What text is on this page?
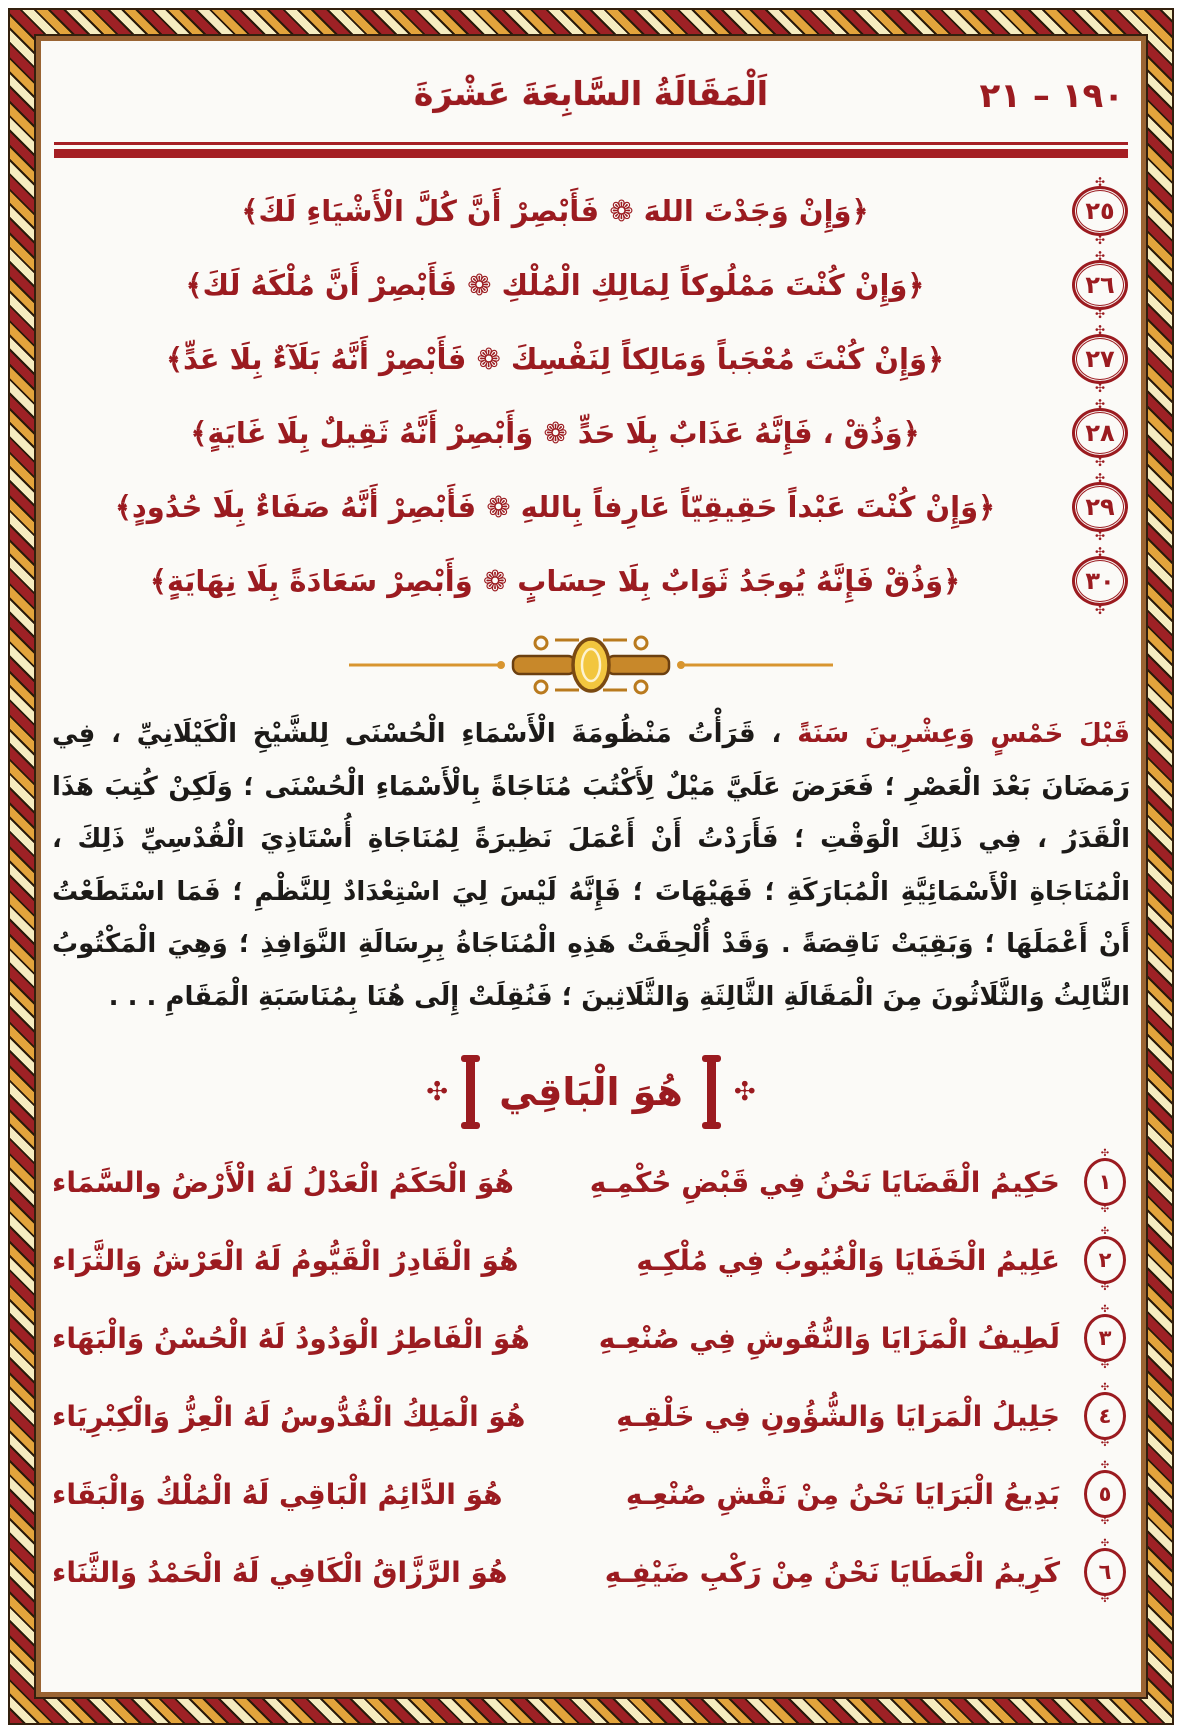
١٩٠ – ٢١
اَلْمَقَالَةُ السَّابِعَةَ عَشْرَةَ
✣ ٢٥ ✣
﴿وَإِنْ وَجَدْتَ اللهَ ❁ فَأَبْصِرْ أَنَّ كُلَّ الْأَشْيَاءِ لَكَ﴾
✣ ٢٦ ✣
﴿وَإِنْ كُنْتَ مَمْلُوكاً لِمَالِكِ الْمُلْكِ ❁ فَأَبْصِرْ أَنَّ مُلْكَهُ لَكَ﴾
✣ ٢٧ ✣
﴿وَإِنْ كُنْتَ مُعْجَباً وَمَالِكاً لِنَفْسِكَ ❁ فَأَبْصِرْ أَنَّهُ بَلَآءٌ بِلَا عَدٍّ﴾
✣ ٢٨ ✣
﴿وَذُقْ ، فَإِنَّهُ عَذَابٌ بِلَا حَدٍّ ❁ وَأَبْصِرْ أَنَّهُ ثَقِيلٌ بِلَا غَايَةٍ﴾
✣ ٢٩ ✣
﴿وَإِنْ كُنْتَ عَبْداً حَقِيقِيّاً عَارِفاً بِاللهِ ❁ فَأَبْصِرْ أَنَّهُ صَفَاءٌ بِلَا حُدُودٍ﴾
✣ ٣٠ ✣
﴿وَذُقْ فَإِنَّهُ يُوجَدُ ثَوَابٌ بِلَا حِسَابٍ ❁ وَأَبْصِرْ سَعَادَةً بِلَا نِهَايَةٍ﴾

قَبْلَ خَمْسٍ وَعِشْرِينَ سَنَةً ، قَرَأْتُ مَنْظُومَةَ الْأَسْمَاءِ الْحُسْنَى لِلشَّيْخِ الْكَيْلَانِيِّ ، فِي رَمَضَانَ بَعْدَ الْعَصْرِ ؛ فَعَرَضَ عَلَيَّ مَيْلٌ لِأَكْتُبَ مُنَاجَاةً بِالْأَسْمَاءِ الْحُسْنَى ؛ وَلَكِنْ كُتِبَ هَذَا الْقَدَرُ ، فِي ذَلِكَ الْوَقْتِ ؛ فَأَرَدْتُ أَنْ أَعْمَلَ نَظِيرَةً لِمُنَاجَاةِ أُسْتَاذِيَ الْقُدْسِيِّ ذَلِكَ ، الْمُنَاجَاةِ الْأَسْمَائِيَّةِ الْمُبَارَكَةِ ؛ فَهَيْهَاتَ ؛ فَإِنَّهُ لَيْسَ لِيَ اسْتِعْدَادٌ لِلنَّظْمِ ؛ فَمَا اسْتَطَعْتُ أَنْ أَعْمَلَهَا ؛ وَبَقِيَتْ نَاقِصَةً . وَقَدْ أُلْحِقَتْ هَذِهِ الْمُنَاجَاةُ بِرِسَالَةِ النَّوَافِذِ ؛ وَهِيَ الْمَكْتُوبُ الثَّالِثُ وَالثَّلَاثُونَ مِنَ الْمَقَالَةِ الثَّالِثَةِ وَالثَّلَاثِينَ ؛ فَنُقِلَتْ إِلَى هُنَا بِمُنَاسَبَةِ الْمَقَامِ . . .

✣
هُوَ الْبَاقِي
✣
✣ ١ ✣
حَكِيمُ الْقَضَايَا نَحْنُ فِي قَبْضِ حُكْمِـهِ
هُوَ الْحَكَمُ الْعَدْلُ لَهُ الْأَرْضُ والسَّمَاء
✣ ٢ ✣
عَلِيمُ الْخَفَايَا وَالْغُيُوبُ فِي مُلْكِـهِ
هُوَ الْقَادِرُ الْقَيُّومُ لَهُ الْعَرْشُ وَالثَّرَاء
✣ ٣ ✣
لَطِيفُ الْمَزَايَا وَالنُّقُوشِ فِي صُنْعِـهِ
هُوَ الْفَاطِرُ الْوَدُودُ لَهُ الْحُسْنُ وَالْبَهَاء
✣ ٤ ✣
جَلِيلُ الْمَرَايَا وَالشُّؤُونِ فِي خَلْقِـهِ
هُوَ الْمَلِكُ الْقُدُّوسُ لَهُ الْعِزُّ وَالْكِبْرِيَاء
✣ ٥ ✣
بَدِيعُ الْبَرَايَا نَحْنُ مِنْ نَقْشِ صُنْعِـهِ
هُوَ الدَّائِمُ الْبَاقِي لَهُ الْمُلْكُ وَالْبَقَاء
✣ ٦ ✣
كَرِيمُ الْعَطَايَا نَحْنُ مِنْ رَكْبِ ضَيْفِـهِ
هُوَ الرَّزَّاقُ الْكَافِي لَهُ الْحَمْدُ وَالثَّنَاء
